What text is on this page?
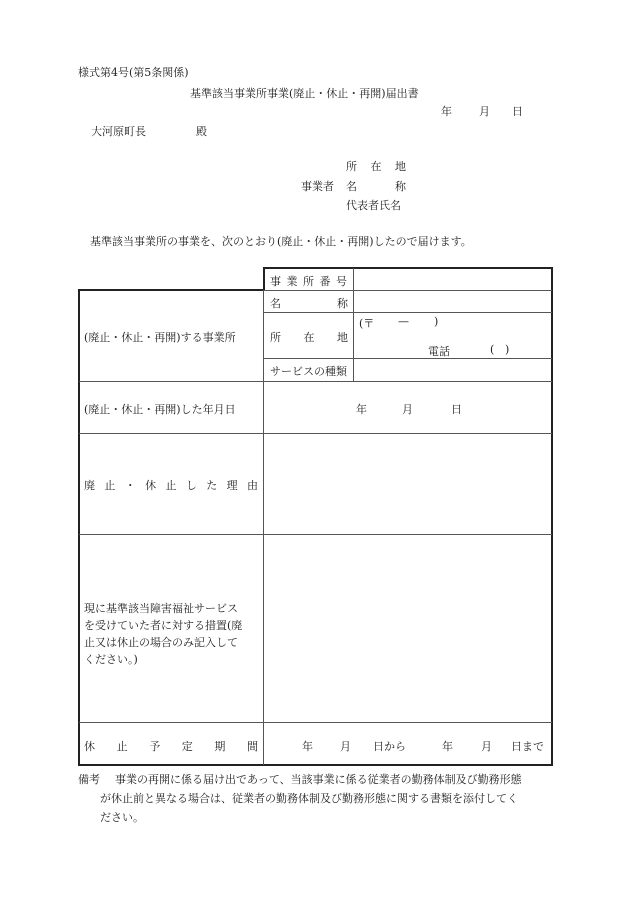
様式第4号(第5条関係)
基準該当事業所事業(廃止・休止・再開)届出書
年 月 日
大河原町長	殿
事業者
所 在 地
名	称
代表者氏名
基準該当事業所の事業を、次のとおり(廃止・休止・再開)したので届けます。
事 業 所 番 号
(廃止・休止・再開)する事業所
名	称
所 在 地
(〒 — )
電話	( )
サービスの種類
(廃止・休止・再開)した年月日	年	月	日
廃 止 ・ 休 止 し た 理 由
現に基準該当障害福祉サービス
を受けていた者に対する措置(廃
止又は休止の場合のみ記入して
ください。)
休 止 予 定 期 間	年 月 日から	年	月 日まで
備考 事業の再開に係る届け出であって、当該事業に係る従業者の勤務体制及び勤務形態
が休止前と異なる場合は、従業者の勤務体制及び勤務形態に関する書類を添付してく
ださい。
